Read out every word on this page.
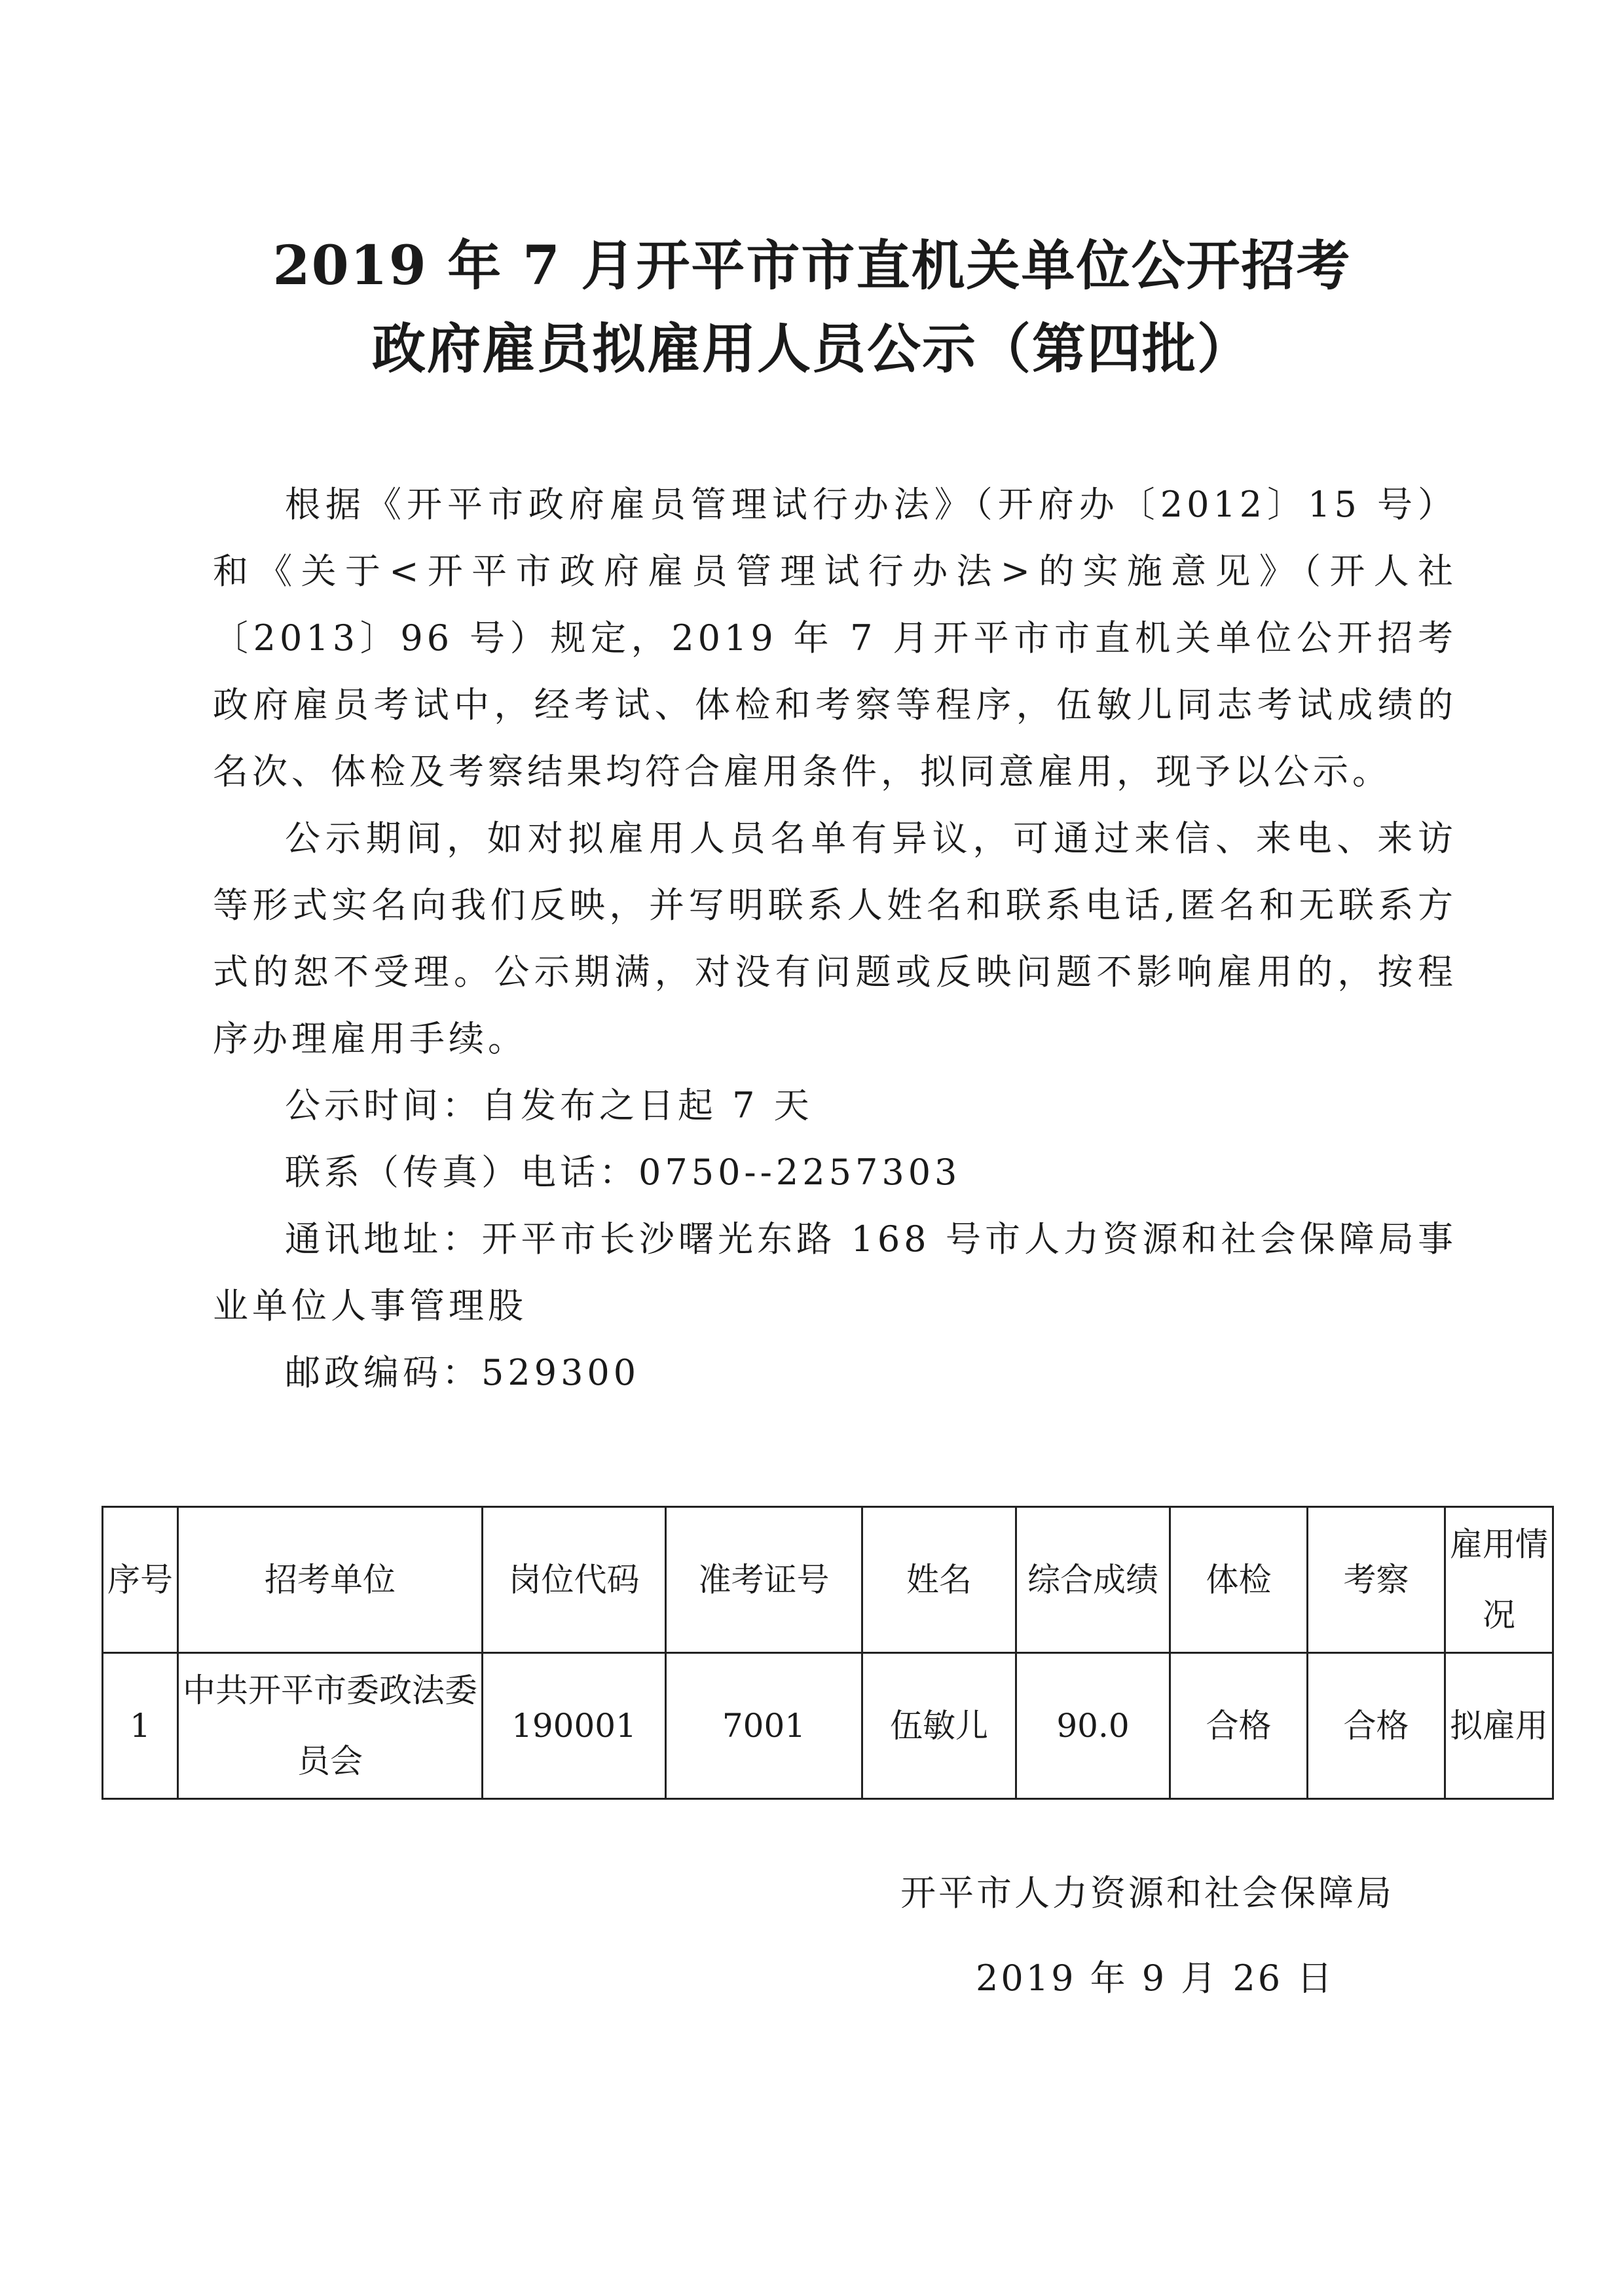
2019 年 7 月开平市市直机关单位公开招考
政府雇员拟雇用人员公示（第四批）

根据《开平市政府雇员管理试行办法》（开府办〔2012〕15 号）和《关于<开平市政府雇员管理试行办法>的实施意见》（开人社〔2013〕96 号）规定，2019 年 7 月开平市市直机关单位公开招考政府雇员考试中，经考试、体检和考察等程序，伍敏儿同志考试成绩的名次、体检及考察结果均符合雇用条件，拟同意雇用，现予以公示。

公示期间，如对拟雇用人员名单有异议，可通过来信、来电、来访等形式实名向我们反映，并写明联系人姓名和联系电话,匿名和无联系方式的恕不受理。公示期满，对没有问题或反映问题不影响雇用的，按程序办理雇用手续。

公示时间：自发布之日起 7 天

联系（传真）电话：0750--2257303

通讯地址：开平市长沙曙光东路 168 号市人力资源和社会保障局事业单位人事管理股

邮政编码：529300

序号	招考单位	岗位代码	准考证号	姓名	综合成绩	体检	考察	雇用情况
1	中共开平市委政法委员会	190001	7001	伍敏儿	90.0	合格	合格	拟雇用
开平市人力资源和社会保障局
2019 年 9 月 26 日
